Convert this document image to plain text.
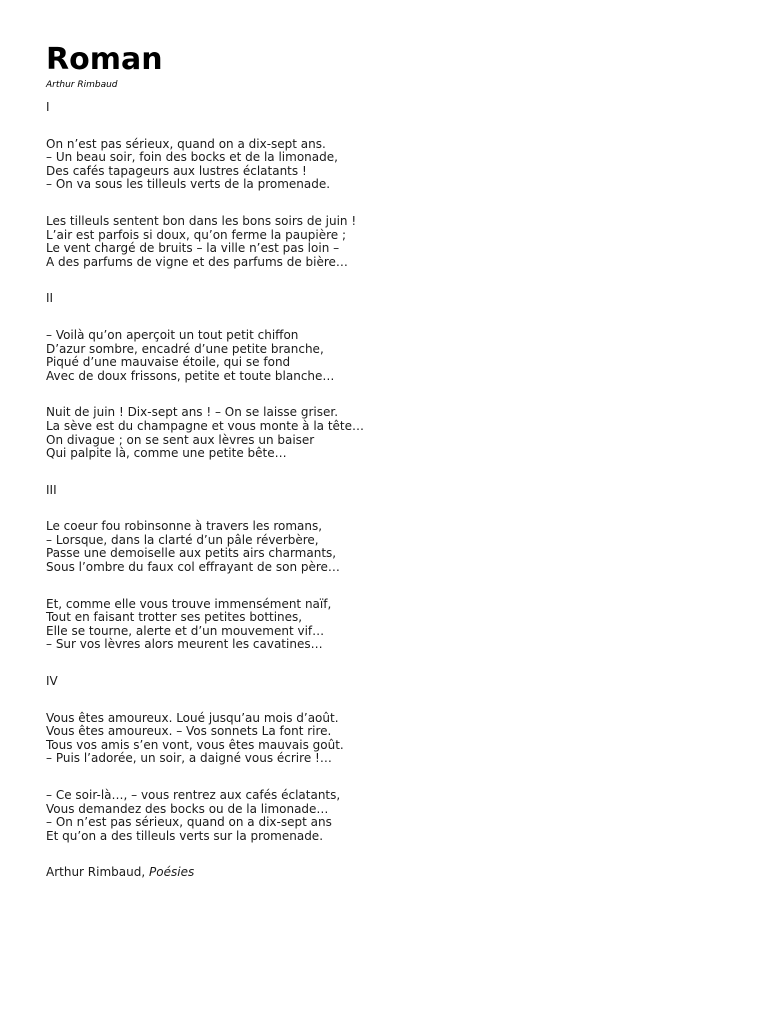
Roman
Arthur Rimbaud
I
On n’est pas sérieux, quand on a dix-sept ans.
– Un beau soir, foin des bocks et de la limonade,
Des cafés tapageurs aux lustres éclatants !
– On va sous les tilleuls verts de la promenade.
Les tilleuls sentent bon dans les bons soirs de juin !
L’air est parfois si doux, qu’on ferme la paupière ;
Le vent chargé de bruits – la ville n’est pas loin –
A des parfums de vigne et des parfums de bière…
II
– Voilà qu’on aperçoit un tout petit chiffon
D’azur sombre, encadré d’une petite branche,
Piqué d’une mauvaise étoile, qui se fond
Avec de doux frissons, petite et toute blanche…
Nuit de juin ! Dix-sept ans ! – On se laisse griser.
La sève est du champagne et vous monte à la tête…
On divague ; on se sent aux lèvres un baiser
Qui palpite là, comme une petite bête…
III
Le coeur fou robinsonne à travers les romans,
– Lorsque, dans la clarté d’un pâle réverbère,
Passe une demoiselle aux petits airs charmants,
Sous l’ombre du faux col effrayant de son père…
Et, comme elle vous trouve immensément naïf,
Tout en faisant trotter ses petites bottines,
Elle se tourne, alerte et d’un mouvement vif…
– Sur vos lèvres alors meurent les cavatines…
IV
Vous êtes amoureux. Loué jusqu’au mois d’août.
Vous êtes amoureux. – Vos sonnets La font rire.
Tous vos amis s’en vont, vous êtes mauvais goût.
– Puis l’adorée, un soir, a daigné vous écrire !…
– Ce soir-là…, – vous rentrez aux cafés éclatants,
Vous demandez des bocks ou de la limonade…
– On n’est pas sérieux, quand on a dix-sept ans
Et qu’on a des tilleuls verts sur la promenade.
Arthur Rimbaud, Poésies
